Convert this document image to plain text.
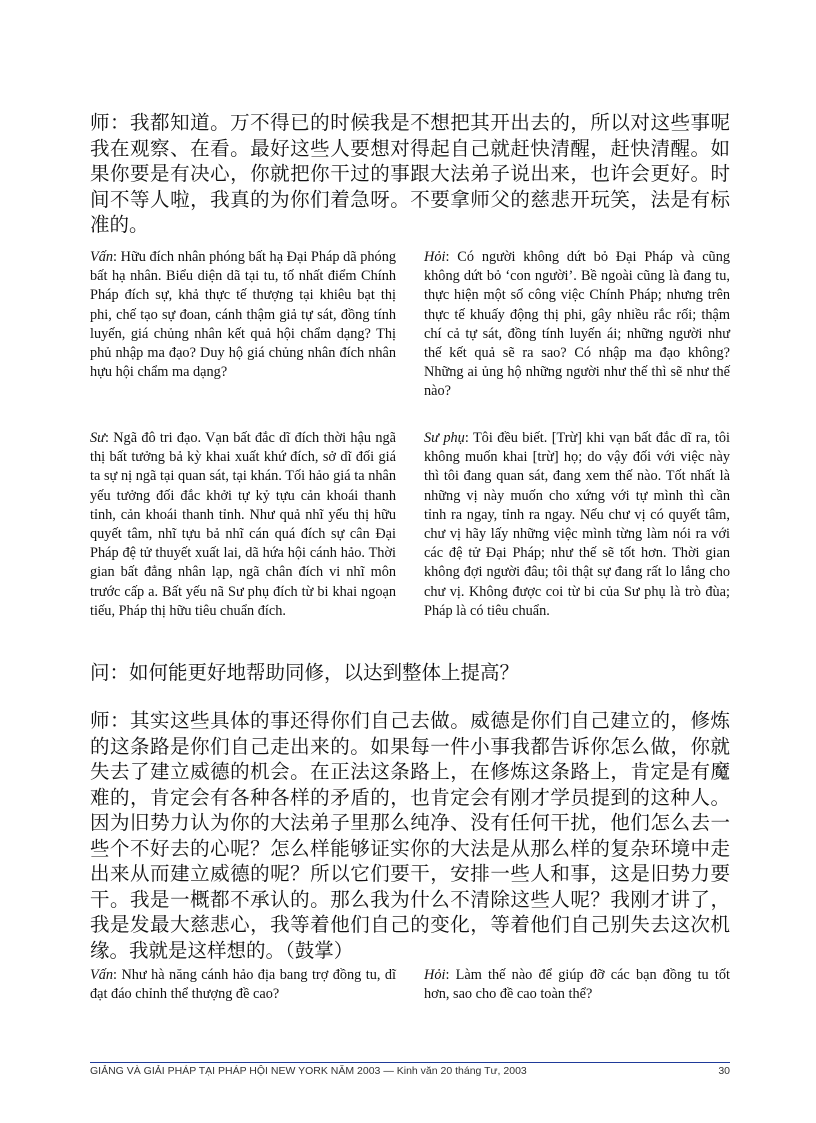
师：我都知道。万不得已的时候我是不想把其开出去的，所以对这些事呢我在观察、在看。最好这些人要想对得起自己就赶快清醒，赶快清醒。如果你要是有决心，你就把你干过的事跟大法弟子说出来，也许会更好。时间不等人啦，我真的为你们着急呀。不要拿师父的慈悲开玩笑，法是有标准的。

Vấn: Hữu đích nhân phóng bất hạ Đại Pháp dã phóng bất hạ nhân. Biểu diện dã tại tu, tố nhất điểm Chính Pháp đích sự, khả thực tế thượng tại khiêu bạt thị phi, chế tạo sự đoan, cánh thậm giả tự sát, đồng tính luyến, giá chủng nhân kết quả hội chẩm dạng? Thị phủ nhập ma đạo? Duy hộ giá chủng nhân đích nhân hựu hội chẩm ma dạng?

Hỏi: Có người không dứt bỏ Đại Pháp và cũng không dứt bỏ ‘con người’. Bề ngoài cũng là đang tu, thực hiện một số công việc Chính Pháp; nhưng trên thực tế khuấy động thị phi, gây nhiều rắc rối; thậm chí cả tự sát, đồng tính luyến ái; những người như thế kết quả sẽ ra sao? Có nhập ma đạo không? Những ai ủng hộ những người như thế thì sẽ như thế nào?

Sư: Ngã đô tri đạo. Vạn bất đắc dĩ đích thời hậu ngã thị bất tưởng bả kỳ khai xuất khứ đích, sở dĩ đối giá ta sự nị ngã tại quan sát, tại khán. Tối hảo giá ta nhân yếu tưởng đối đắc khởi tự kỷ tựu cản khoái thanh tỉnh, cản khoái thanh tỉnh. Như quả nhĩ yếu thị hữu quyết tâm, nhĩ tựu bả nhĩ cán quá đích sự cân Đại Pháp đệ tử thuyết xuất lai, dã hứa hội cánh hảo. Thời gian bất đẳng nhân lạp, ngã chân đích vi nhĩ môn trước cấp a. Bất yếu nã Sư phụ đích từ bi khai ngoạn tiếu, Pháp thị hữu tiêu chuẩn đích.

Sư phụ: Tôi đều biết. [Trừ] khi vạn bất đắc dĩ ra, tôi không muốn khai [trừ] họ; do vậy đối với việc này thì tôi đang quan sát, đang xem thế nào. Tốt nhất là những vị này muốn cho xứng với tự mình thì cần tỉnh ra ngay, tỉnh ra ngay. Nếu chư vị có quyết tâm, chư vị hãy lấy những việc mình từng làm nói ra với các đệ tử Đại Pháp; như thế sẽ tốt hơn. Thời gian không đợi người đâu; tôi thật sự đang rất lo lắng cho chư vị. Không được coi từ bi của Sư phụ là trò đùa; Pháp là có tiêu chuẩn.

问：如何能更好地帮助同修，以达到整体上提高？

师：其实这些具体的事还得你们自己去做。威德是你们自己建立的，修炼的这条路是你们自己走出来的。如果每一件小事我都告诉你怎么做，你就失去了建立威德的机会。在正法这条路上，在修炼这条路上，肯定是有魔难的，肯定会有各种各样的矛盾的，也肯定会有刚才学员提到的这种人。因为旧势力认为你的大法弟子里那么纯净、没有任何干扰，他们怎么去一些个不好去的心呢？怎么样能够证实你的大法是从那么样的复杂环境中走出来从而建立威德的呢？所以它们要干，安排一些人和事，这是旧势力要干。我是一概都不承认的。那么我为什么不清除这些人呢？我刚才讲了，我是发最大慈悲心，我等着他们自己的变化，等着他们自己别失去这次机缘。我就是这样想的。（鼓掌）

Vấn: Như hà năng cánh hảo địa bang trợ đồng tu, dĩ đạt đáo chỉnh thể thượng đề cao?

Hỏi: Làm thế nào để giúp đỡ các bạn đồng tu tốt hơn, sao cho đề cao toàn thể?

GIẢNG VÀ GIẢI PHÁP TẠI PHÁP HỘI NEW YORK NĂM 2003 — Kinh văn 20 tháng Tư, 2003	30
